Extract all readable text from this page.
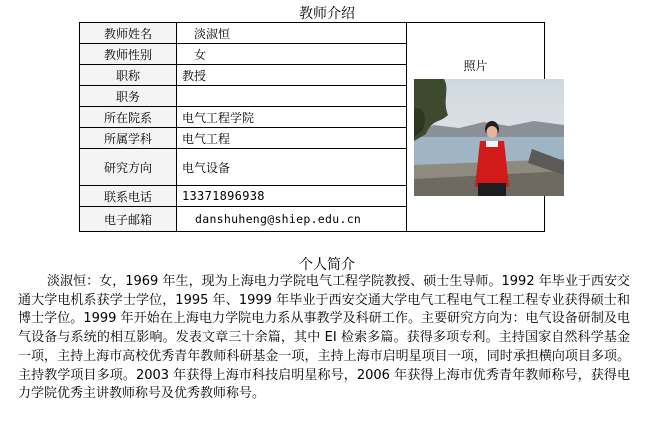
教师介绍
教师姓名	淡淑恒	照片

教师性别	女	
职称	教授	
职务		
所在院系	电气工程学院	
所属学科	电气工程	
研究方向	电气设备	
联系电话	13371896938	
电子邮箱	danshuheng@shiep.edu.cn	
个人简介
淡淑恒：女，1969 年生，现为上海电力学院电气工程学院教授、硕士生导师。1992 年毕业于西安交通大学电机系获学士学位，1995 年、1999 年毕业于西安交通大学电气工程电气工程工程专业获得硕士和博士学位。1999 年开始在上海电力学院电力系从事教学及科研工作。主要研究方向为：电气设备研制及电气设备与系统的相互影响。发表文章三十余篇，其中 EI 检索多篇。获得多项专利。主持国家自然科学基金一项，主持上海市高校优秀青年教师科研基金一项，主持上海市启明星项目一项，同时承担横向项目多项。主持教学项目多项。2003 年获得上海市科技启明星称号，2006 年获得上海市优秀青年教师称号，获得电力学院优秀主讲教师称号及优秀教师称号。
